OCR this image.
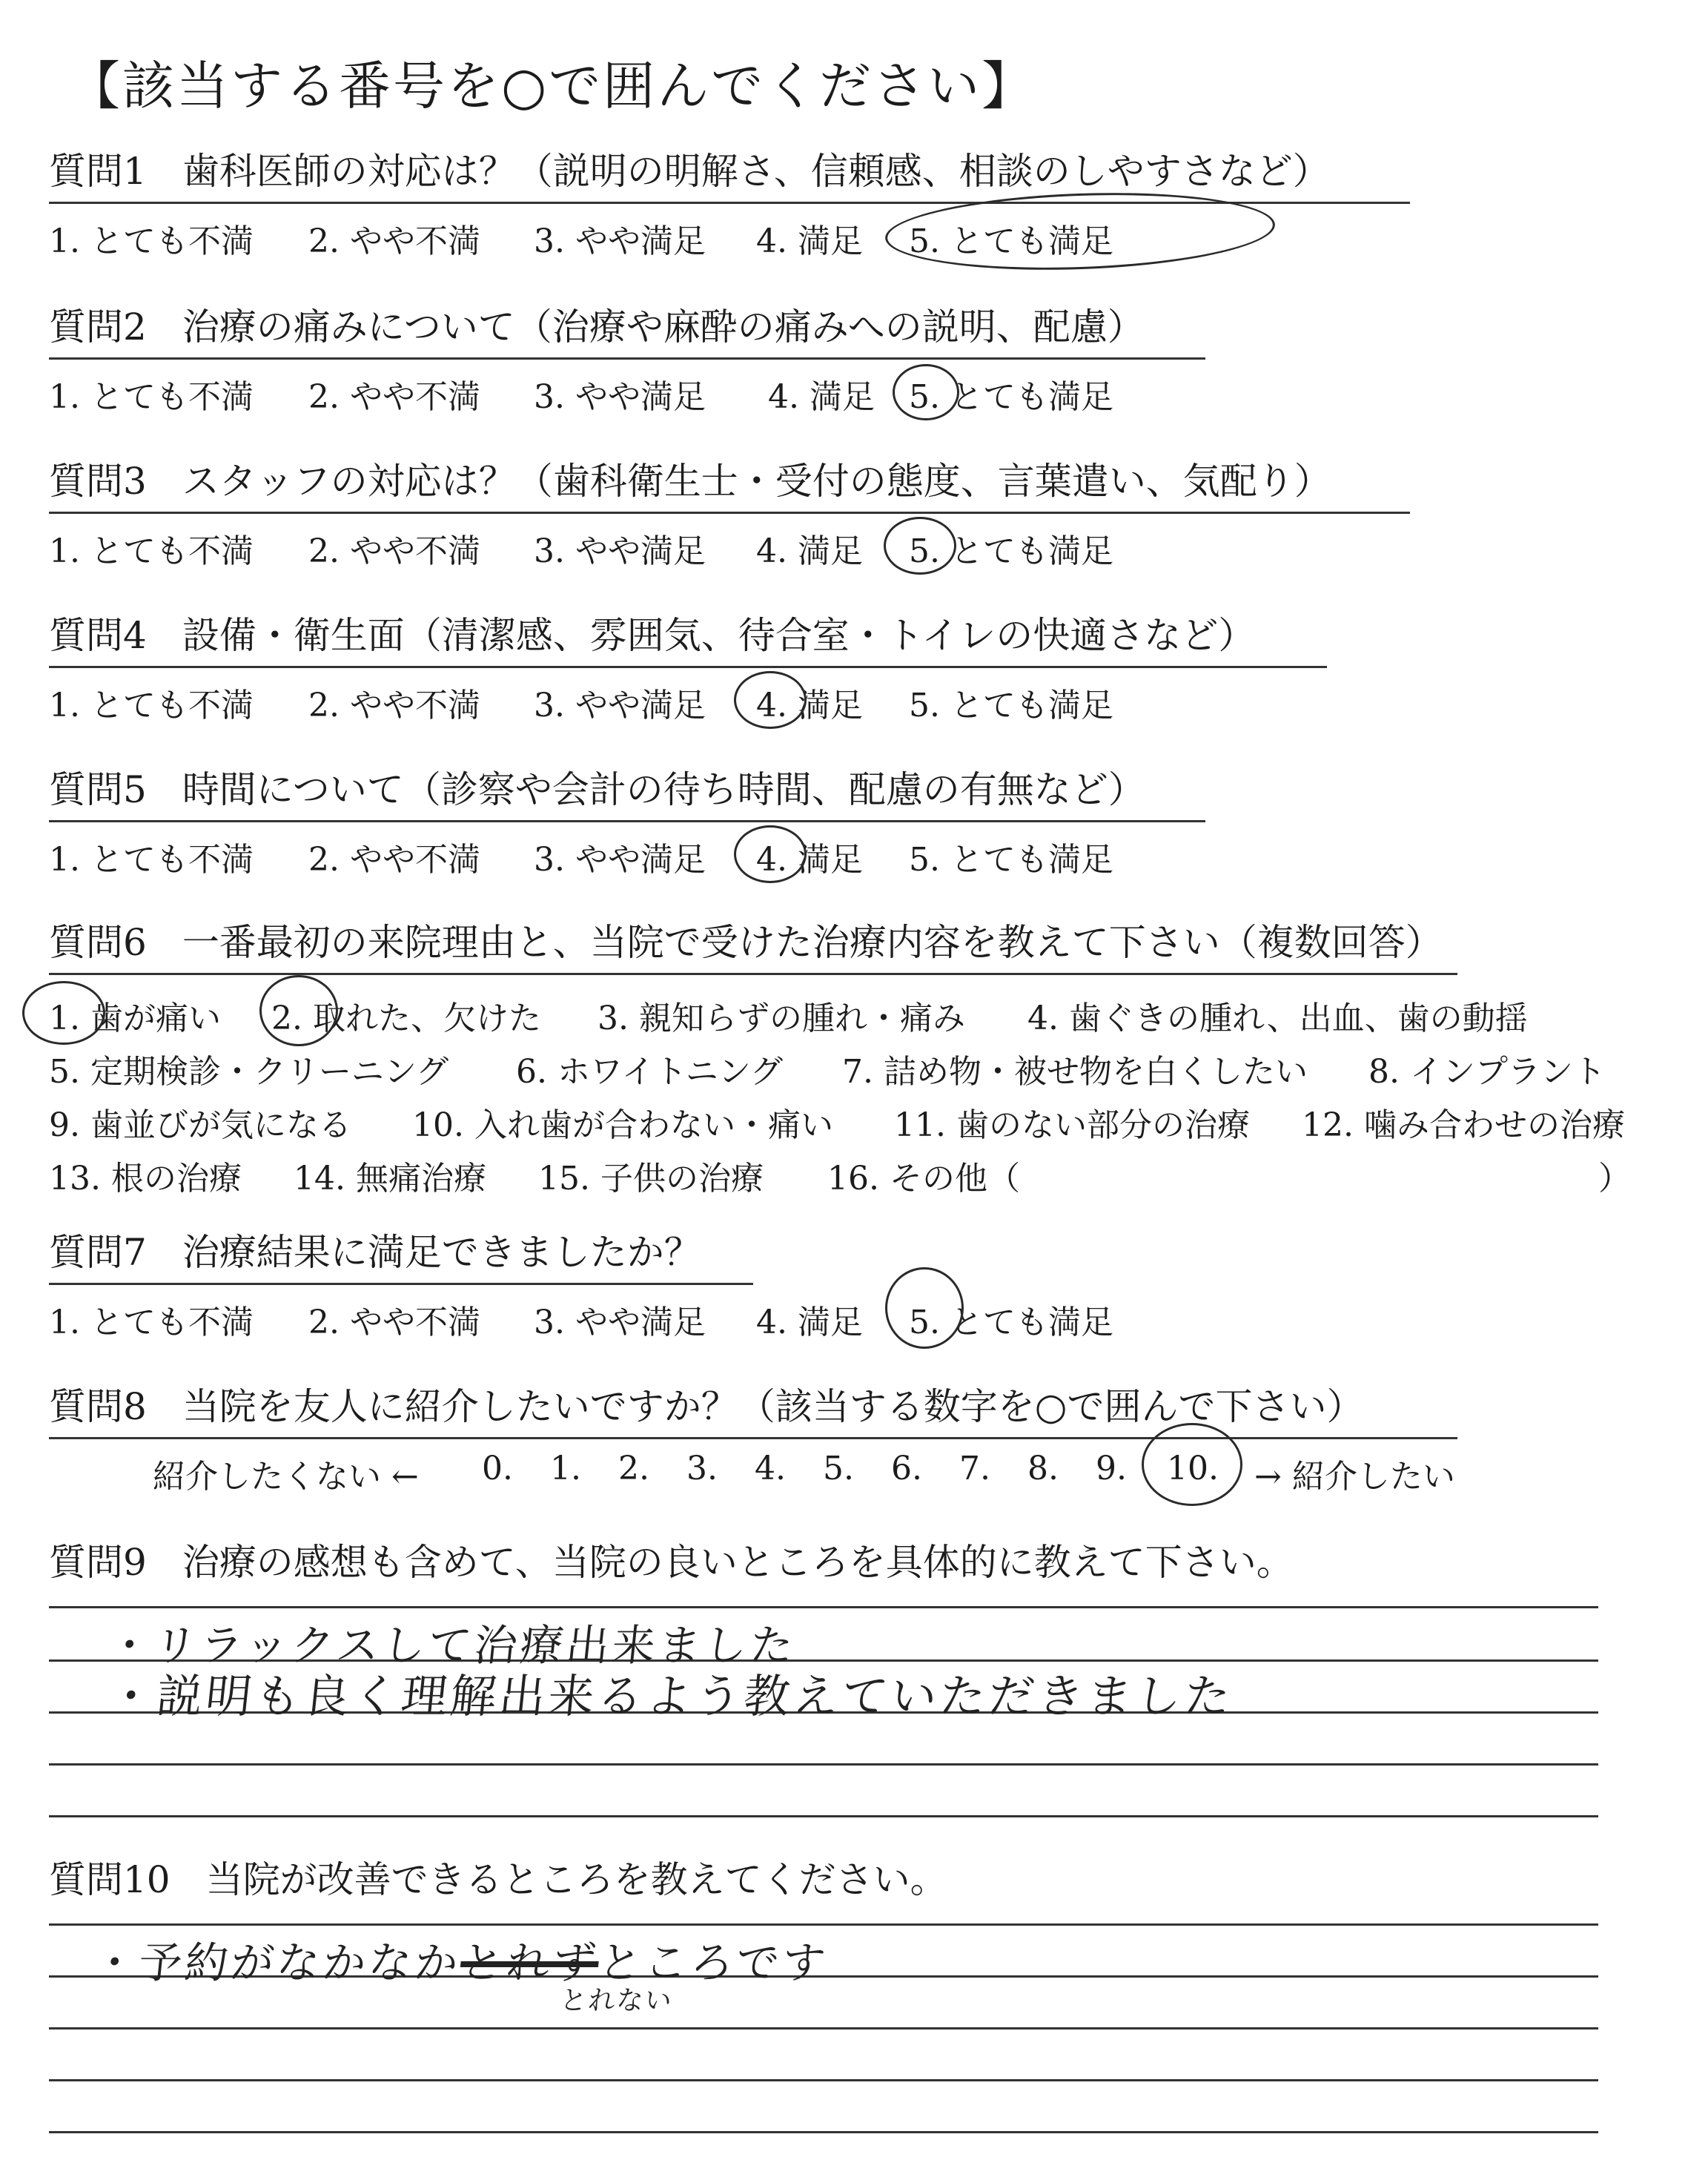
【該当する番号を○で囲んでください】
質問1 歯科医師の対応は？（説明の明解さ、信頼感、相談のしやすさなど）
1. とても不満 2. やや不満 3. やや満足 4. 満足 5. とても満足
質問2 治療の痛みについて（治療や麻酔の痛みへの説明、配慮）
1. とても不満 2. やや不満 3. やや満足 4. 満足 5. とても満足
質問3 スタッフの対応は？（歯科衛生士・受付の態度、言葉遣い、気配り）
1. とても不満 2. やや不満 3. やや満足 4. 満足 5. とても満足
質問4 設備・衛生面（清潔感、雰囲気、待合室・トイレの快適さなど）
1. とても不満 2. やや不満 3. やや満足 4. 満足 5. とても満足
質問5 時間について（診察や会計の待ち時間、配慮の有無など）
1. とても不満 2. やや不満 3. やや満足 4. 満足 5. とても満足
質問6 一番最初の来院理由と、当院で受けた治療内容を教えて下さい（複数回答）
1. 歯が痛い 2. 取れた、欠けた 3. 親知らずの腫れ・痛み 4. 歯ぐきの腫れ、出血、歯の動揺
5. 定期検診・クリーニング 6. ホワイトニング 7. 詰め物・被せ物を白くしたい 8. インプラント
9. 歯並びが気になる 10. 入れ歯が合わない・痛い 11. 歯のない部分の治療 12. 噛み合わせの治療
13. 根の治療 14. 無痛治療 15. 子供の治療 16. その他（	）
質問7 治療結果に満足できましたか？
1. とても不満 2. やや不満 3. やや満足 4. 満足 5. とても満足
質問8 当院を友人に紹介したいですか？（該当する数字を○で囲んで下さい）
紹介したくない ← 0. 1. 2. 3. 4. 5. 6. 7. 8. 9. 10. → 紹介したい
質問9 治療の感想も含めて、当院の良いところを具体的に教えて下さい。
・リラックスして治療出来ました
・説明も良く理解出来るよう教えていただきました
質問10 当院が改善できるところを教えてください。
・予約がなかなかとれずところです
とれない
